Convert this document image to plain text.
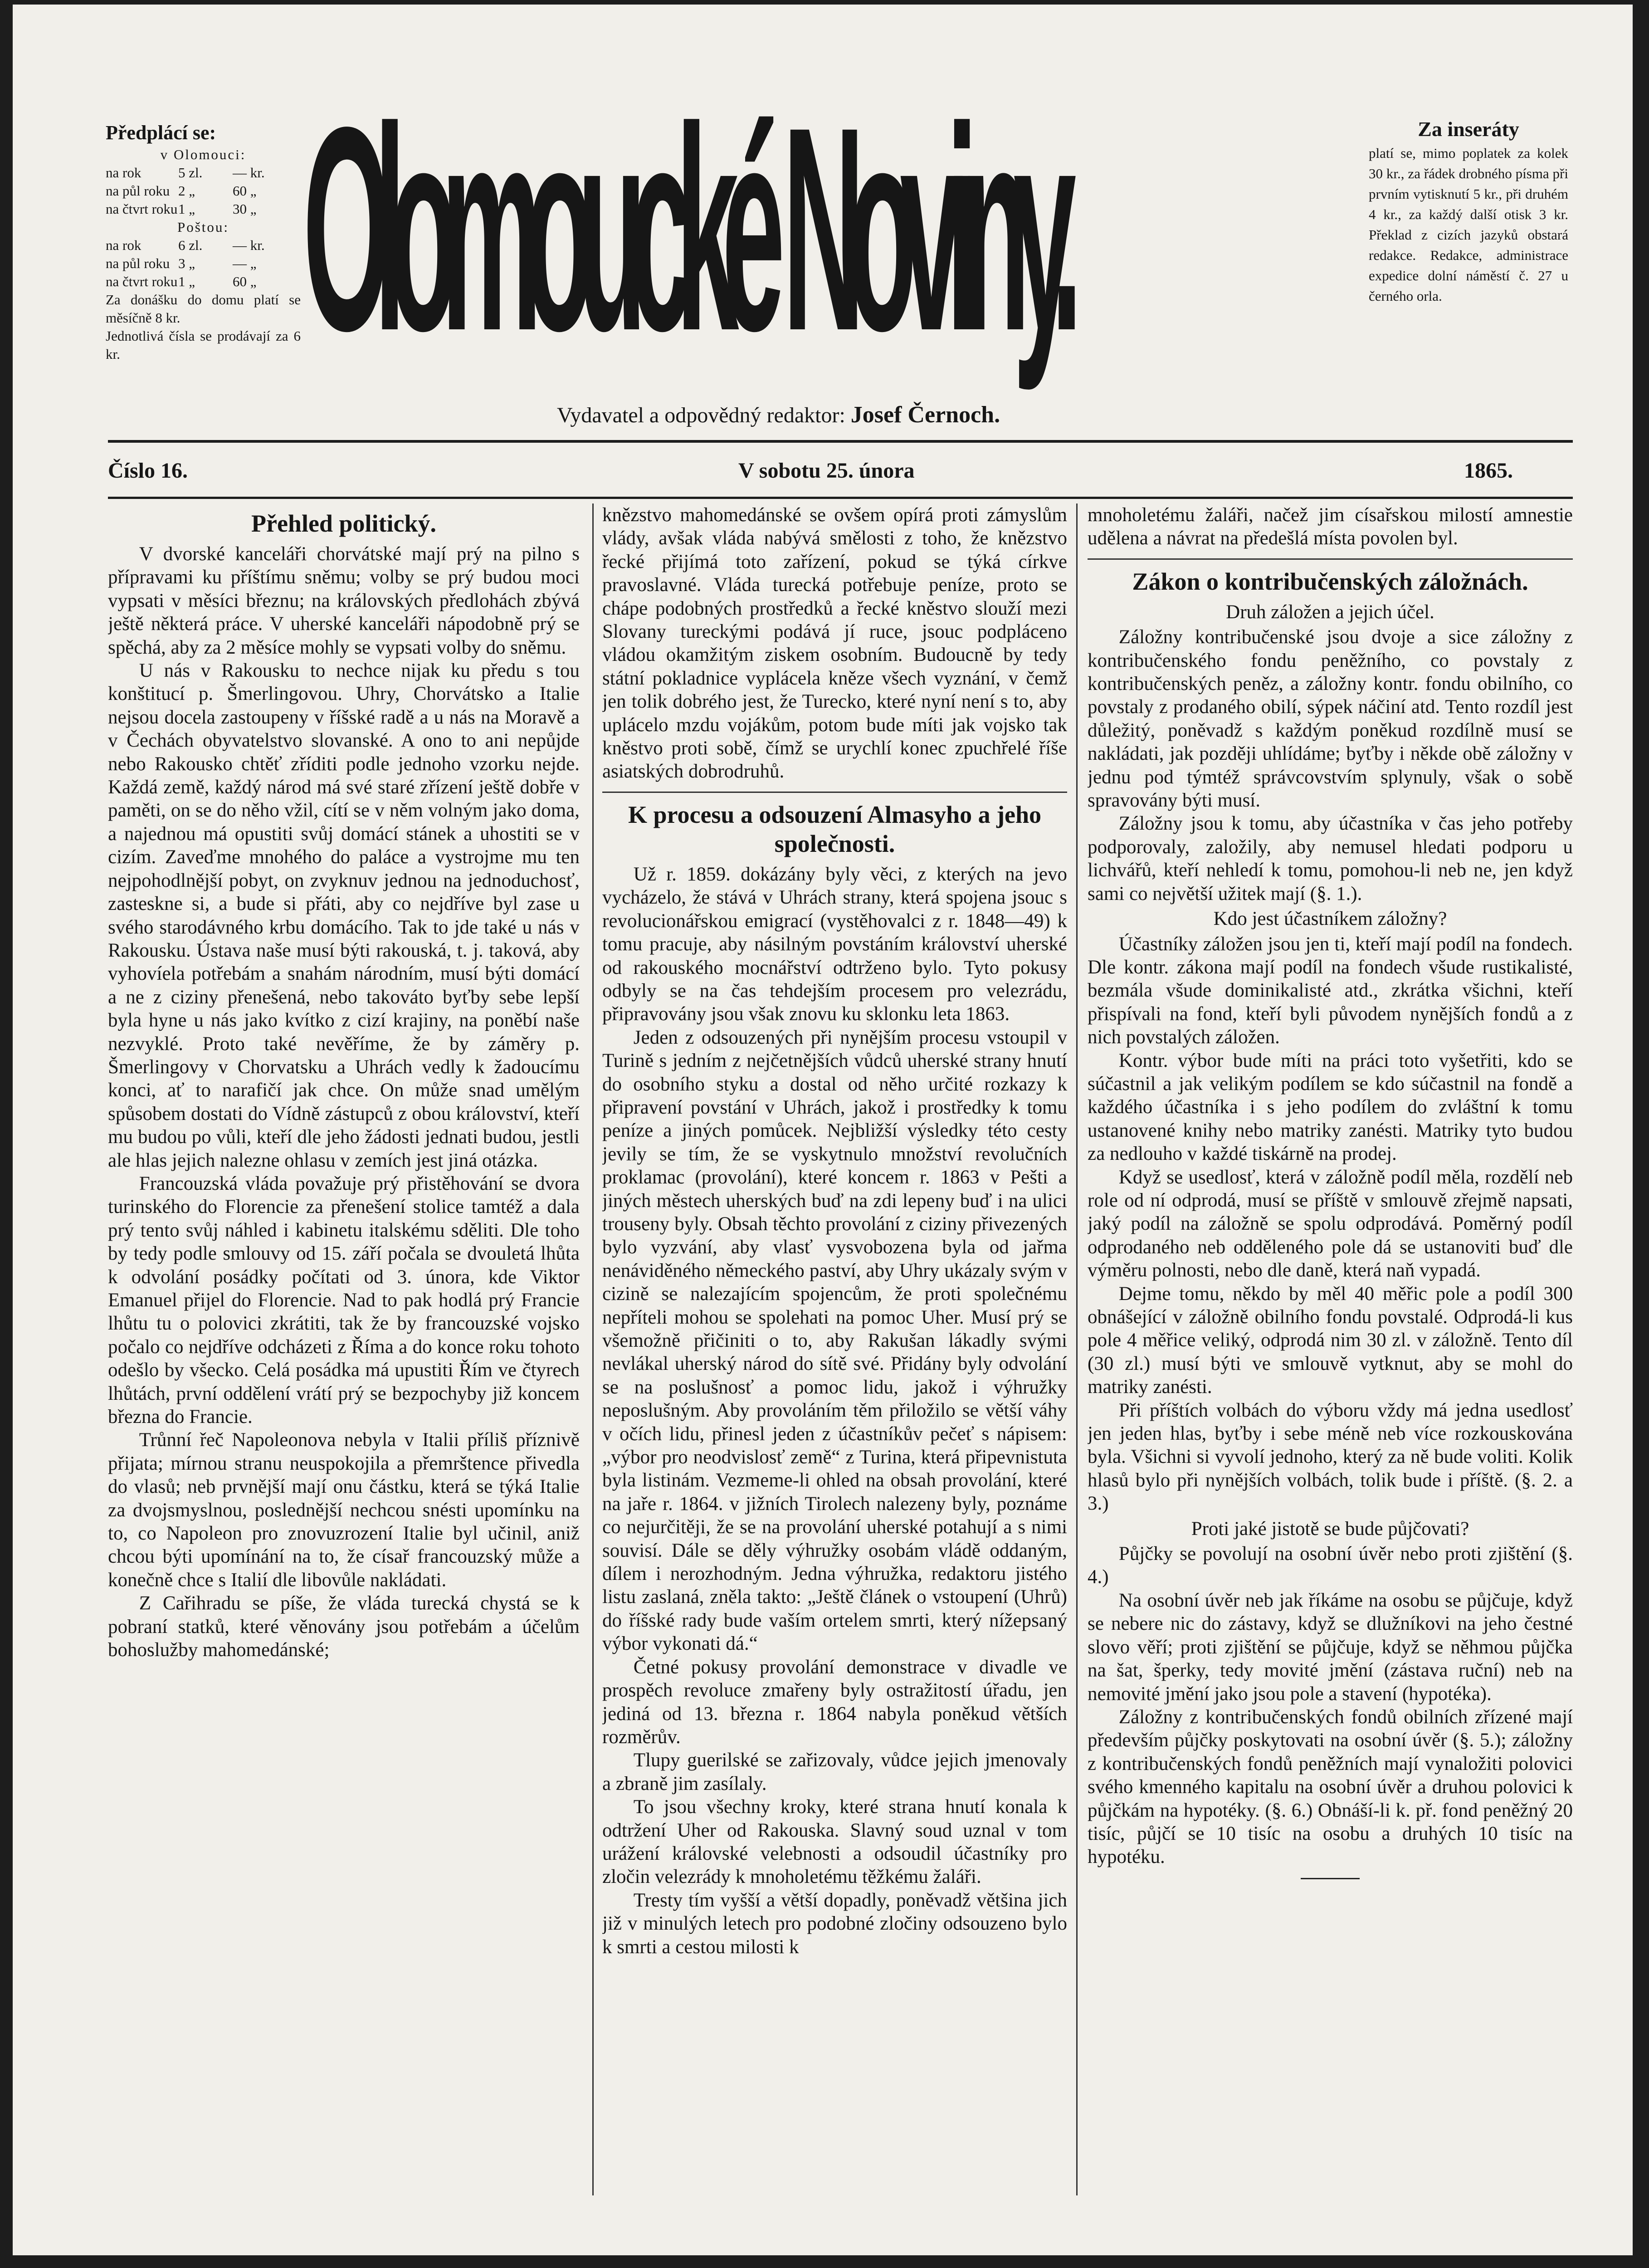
Předplácí se:
v Olomouci:
na rok	5 zl.	— kr.
na půl roku 2 „	60 „
na čtvrt roku 1 „	30 „
Poštou:
na rok	6 zl.	— kr.
na půl roku 3 „	— „
na čtvrt roku 1 „	60 „
Za donášku do domu platí se měsíčně 8 kr.
Jednotlivá čísla se prodávají za 6 kr. Olomoucké Noviny.	Za inseráty
platí se, mimo poplatek za kolek 30 kr., za řádek drobného písma při prvním vytisknutí 5 kr., při druhém 4 kr., za každý další otisk 3 kr. Překlad z cizích jazyků obstará redakce. Redakce, administrace expedice dolní náměstí č. 27 u černého orla.
Vydavatel a odpovědný redaktor: Josef Černoch.
Číslo 16.	V sobotu 25. února	1865.
Přehled politický.

V dvorské kanceláři chorvátské mají prý na pilno s přípravami ku příštímu sněmu; volby se prý budou moci vypsati v měsíci březnu; na královských předlohách zbývá ještě některá práce. V uherské kanceláři nápodobně prý se spěchá, aby za 2 měsíce mohly se vypsati volby do sněmu.

U nás v Rakousku to nechce nijak ku předu s tou konštitucí p. Šmerlingovou. Uhry, Chorvátsko a Italie nejsou docela zastoupeny v říšské radě a u nás na Moravě a v Čechách obyvatelstvo slovanské. A ono to ani nepůjde nebo Rakousko chtěť zříditi podle jednoho vzorku nejde. Každá země, každý národ má své staré zřízení ještě dobře v paměti, on se do něho vžil, cítí se v něm volným jako doma, a najednou má opustiti svůj domácí stánek a uhostiti se v cizím. Zaveďme mnohého do paláce a vystrojme mu ten nejpohodlnější pobyt, on zvyknuv jednou na jednoduchosť, zasteskne si, a bude si přáti, aby co nejdříve byl zase u svého starodávného krbu domácího. Tak to jde také u nás v Rakousku. Ústava naše musí býti rakouská, t. j. taková, aby vyhovíela potřebám a snahám národním, musí býti domácí a ne z ciziny přenešená, nebo takováto byťby sebe lepší byla hyne u nás jako kvítko z cizí krajiny, na poněbí naše nezvyklé. Proto také nevěříme, že by záměry p. Šmerlingovy v Chorvatsku a Uhrách vedly k žadoucímu konci, ať to narafičí jak chce. On může snad umělým spůsobem dostati do Vídně zástupců z obou království, kteří mu budou po vůli, kteří dle jeho žádosti jednati budou, jestli ale hlas jejich nalezne ohlasu v zemích jest jiná otázka.

Francouzská vláda považuje prý přistěhování se dvora turinského do Florencie za přenešení stolice tamtéž a dala prý tento svůj náhled i kabinetu italskému sděliti. Dle toho by tedy podle smlouvy od 15. září počala se dvouletá lhůta k odvolání posádky počítati od 3. února, kde Viktor Emanuel přijel do Florencie. Nad to pak hodlá prý Francie lhůtu tu o polovici zkrátiti, tak že by francouzské vojsko počalo co nejdříve odcházeti z Říma a do konce roku tohoto odešlo by všecko. Celá posádka má upustiti Řím ve čtyrech lhůtách, první oddělení vrátí prý se bezpochyby již koncem března do Francie.

Trůnní řeč Napoleonova nebyla v Italii příliš příznivě přijata; mírnou stranu neuspokojila a přemrštence přivedla do vlasů; neb prvnější mají onu částku, která se týká Italie za dvojsmyslnou, poslednější nechcou snésti upomínku na to, co Napoleon pro znovuzrození Italie byl učinil, aniž chcou býti upomínání na to, že císař francouzský může a konečně chce s Italií dle libovůle nakládati.

Z Cařihradu se píše, že vláda turecká chystá se k pobraní statků, které věnovány jsou potřebám a účelům bohoslužby mahomedánské;

knězstvo mahomedánské se ovšem opírá proti zámyslům vlády, avšak vláda nabývá smělosti z toho, že knězstvo řecké přijímá toto zařízení, pokud se týká církve pravoslavné. Vláda turecká potřebuje peníze, proto se chápe podobných prostředků a řecké kněstvo slouží mezi Slovany tureckými podává jí ruce, jsouc podpláceno vládou okamžitým ziskem osobním. Budoucně by tedy státní pokladnice vyplácela kněze všech vyznání, v čemž jen tolik dobrého jest, že Turecko, které nyní není s to, aby uplácelo mzdu vojákům, potom bude míti jak vojsko tak kněstvo proti sobě, čímž se urychlí konec zpuchřelé říše asiatských dobrodruhů.

K procesu a odsouzení Almasyho a jeho společnosti.

Už r. 1859. dokázány byly věci, z kterých na jevo vycházelo, že stává v Uhrách strany, která spojena jsouc s revolucionářskou emigrací (vystěhovalci z r. 1848—49) k tomu pracuje, aby násilným povstáním království uherské od rakouského mocnářství odtrženo bylo. Tyto pokusy odbyly se na čas tehdejším procesem pro velezrádu, připravovány jsou však znovu ku sklonku leta 1863.

Jeden z odsouzených při nynějším procesu vstoupil v Turině s jedním z nejčetnějších vůdců uherské strany hnutí do osobního styku a dostal od něho určité rozkazy k připravení povstání v Uhrách, jakož i prostředky k tomu peníze a jiných pomůcek. Nejbližší výsledky této cesty jevily se tím, že se vyskytnulo množství revolučních proklamac (provolání), které koncem r. 1863 v Pešti a jiných městech uherských buď na zdi lepeny buď i na ulici trouseny byly. Obsah těchto provolání z ciziny přivezených bylo vyzvání, aby vlasť vysvobozena byla od jařma nenáviděného německého paství, aby Uhry ukázaly svým v cizině se nalezajícím spojencům, že proti společnému nepříteli mohou se spolehati na pomoc Uher. Musí prý se všemožně přičiniti o to, aby Rakušan lákadly svými nevlákal uherský národ do sítě své. Přidány byly odvolání se na poslušnosť a pomoc lidu, jakož i výhružky neposlušným. Aby provoláním těm přiložilo se větší váhy v očích lidu, přinesl jeden z účastníkův pečeť s nápisem: „výbor pro neodvislosť země“ z Turina, která připevnistuta byla listinám. Vezmeme-li ohled na obsah provolání, které na jaře r. 1864. v jižních Tirolech nalezeny byly, poznáme co nejurčitěji, že se na provolání uherské potahují a s nimi souvisí. Dále se děly výhružky osobám vládě oddaným, dílem i nerozhodným. Jedna výhružka, redaktoru jistého listu zaslaná, zněla takto: „Ještě článek o vstoupení (Uhrů) do říšské rady bude vaším ortelem smrti, který nížepsaný výbor vykonati dá.“

Četné pokusy provolání demonstrace v divadle ve prospěch revoluce zmařeny byly ostražitostí úřadu, jen jediná od 13. března r. 1864 nabyla poněkud větších rozměrův.

Tlupy guerilské se zařizovaly, vůdce jejich jmenovaly a zbraně jim zasílaly.

To jsou všechny kroky, které strana hnutí konala k odtržení Uher od Rakouska. Slavný soud uznal v tom urážení královské velebnosti a odsoudil účastníky pro zločin velezrády k mnoholetému těžkému žaláři.

Tresty tím vyšší a větší dopadly, poněvadž většina jich již v minulých letech pro podobné zločiny odsouzeno bylo k smrti a cestou milosti k

mnoholetému žaláři, načež jim císařskou milostí amnestie udělena a návrat na předešlá místa povolen byl.

Zákon o kontribučenských záložnách.

Druh záložen a jejich účel.

Záložny kontribučenské jsou dvoje a sice záložny z kontribučenského fondu peněžního, co povstaly z kontribučenských peněz, a záložny kontr. fondu obilního, co povstaly z prodaného obilí, sýpek náčiní atd. Tento rozdíl jest důležitý, poněvadž s každým poněkud rozdílně musí se nakládati, jak později uhlídáme; byťby i někde obě záložny v jednu pod týmtéž správcovstvím splynuly, však o sobě spravovány býti musí.

Záložny jsou k tomu, aby účastníka v čas jeho potřeby podporovaly, založily, aby nemusel hledati podporu u lichvářů, kteří nehledí k tomu, pomohou-li neb ne, jen když sami co největší užitek mají (§. 1.).

Kdo jest účastníkem záložny?

Účastníky záložen jsou jen ti, kteří mají podíl na fondech. Dle kontr. zákona mají podíl na fondech všude rustikalisté, bezmála všude dominikalisté atd., zkrátka všichni, kteří přispívali na fond, kteří byli původem nynějších fondů a z nich povstalých záložen.

Kontr. výbor bude míti na práci toto vyšetřiti, kdo se súčastnil a jak velikým podílem se kdo súčastnil na fondě a každého účastníka i s jeho podílem do zvláštní k tomu ustanovené knihy nebo matriky zanésti. Matriky tyto budou za nedlouho v každé tiskárně na prodej.

Když se usedlosť, která v záložně podíl měla, rozdělí neb role od ní odprodá, musí se příště v smlouvě zřejmě napsati, jaký podíl na záložně se spolu odprodává. Poměrný podíl odprodaného neb odděleného pole dá se ustanoviti buď dle výměru polnosti, nebo dle daně, která naň vypadá.

Dejme tomu, někdo by měl 40 měřic pole a podíl 300 obnášející v záložně obilního fondu povstalé. Odprodá-li kus pole 4 měřice veliký, odprodá nim 30 zl. v záložně. Tento díl (30 zl.) musí býti ve smlouvě vytknut, aby se mohl do matriky zanésti.

Při příštích volbách do výboru vždy má jedna usedlosť jen jeden hlas, byťby i sebe méně neb více rozkouskována byla. Všichni si vyvolí jednoho, který za ně bude voliti. Kolik hlasů bylo při nynějších volbách, tolik bude i příště. (§. 2. a 3.)

Proti jaké jistotě se bude půjčovati?

Půjčky se povolují na osobní úvěr nebo proti zjištění (§. 4.)

Na osobní úvěr neb jak říkáme na osobu se půjčuje, když se nebere nic do zástavy, když se dlužníkovi na jeho čestné slovo věří; proti zjištění se půjčuje, když se něhmou půjčka na šat, šperky, tedy movité jmění (zástava ruční) neb na nemovité jmění jako jsou pole a stavení (hypotéka).

Záložny z kontribučenských fondů obilních zřízené mají především půjčky poskytovati na osobní úvěr (§. 5.); záložny z kontribučenských fondů peněžních mají vynaložiti polovici svého kmenného kapitalu na osobní úvěr a druhou polovici k půjčkám na hypotéky. (§. 6.) Obnáší-li k. př. fond peněžný 20 tisíc, půjčí se 10 tisíc na osobu a druhých 10 tisíc na hypotéku.
